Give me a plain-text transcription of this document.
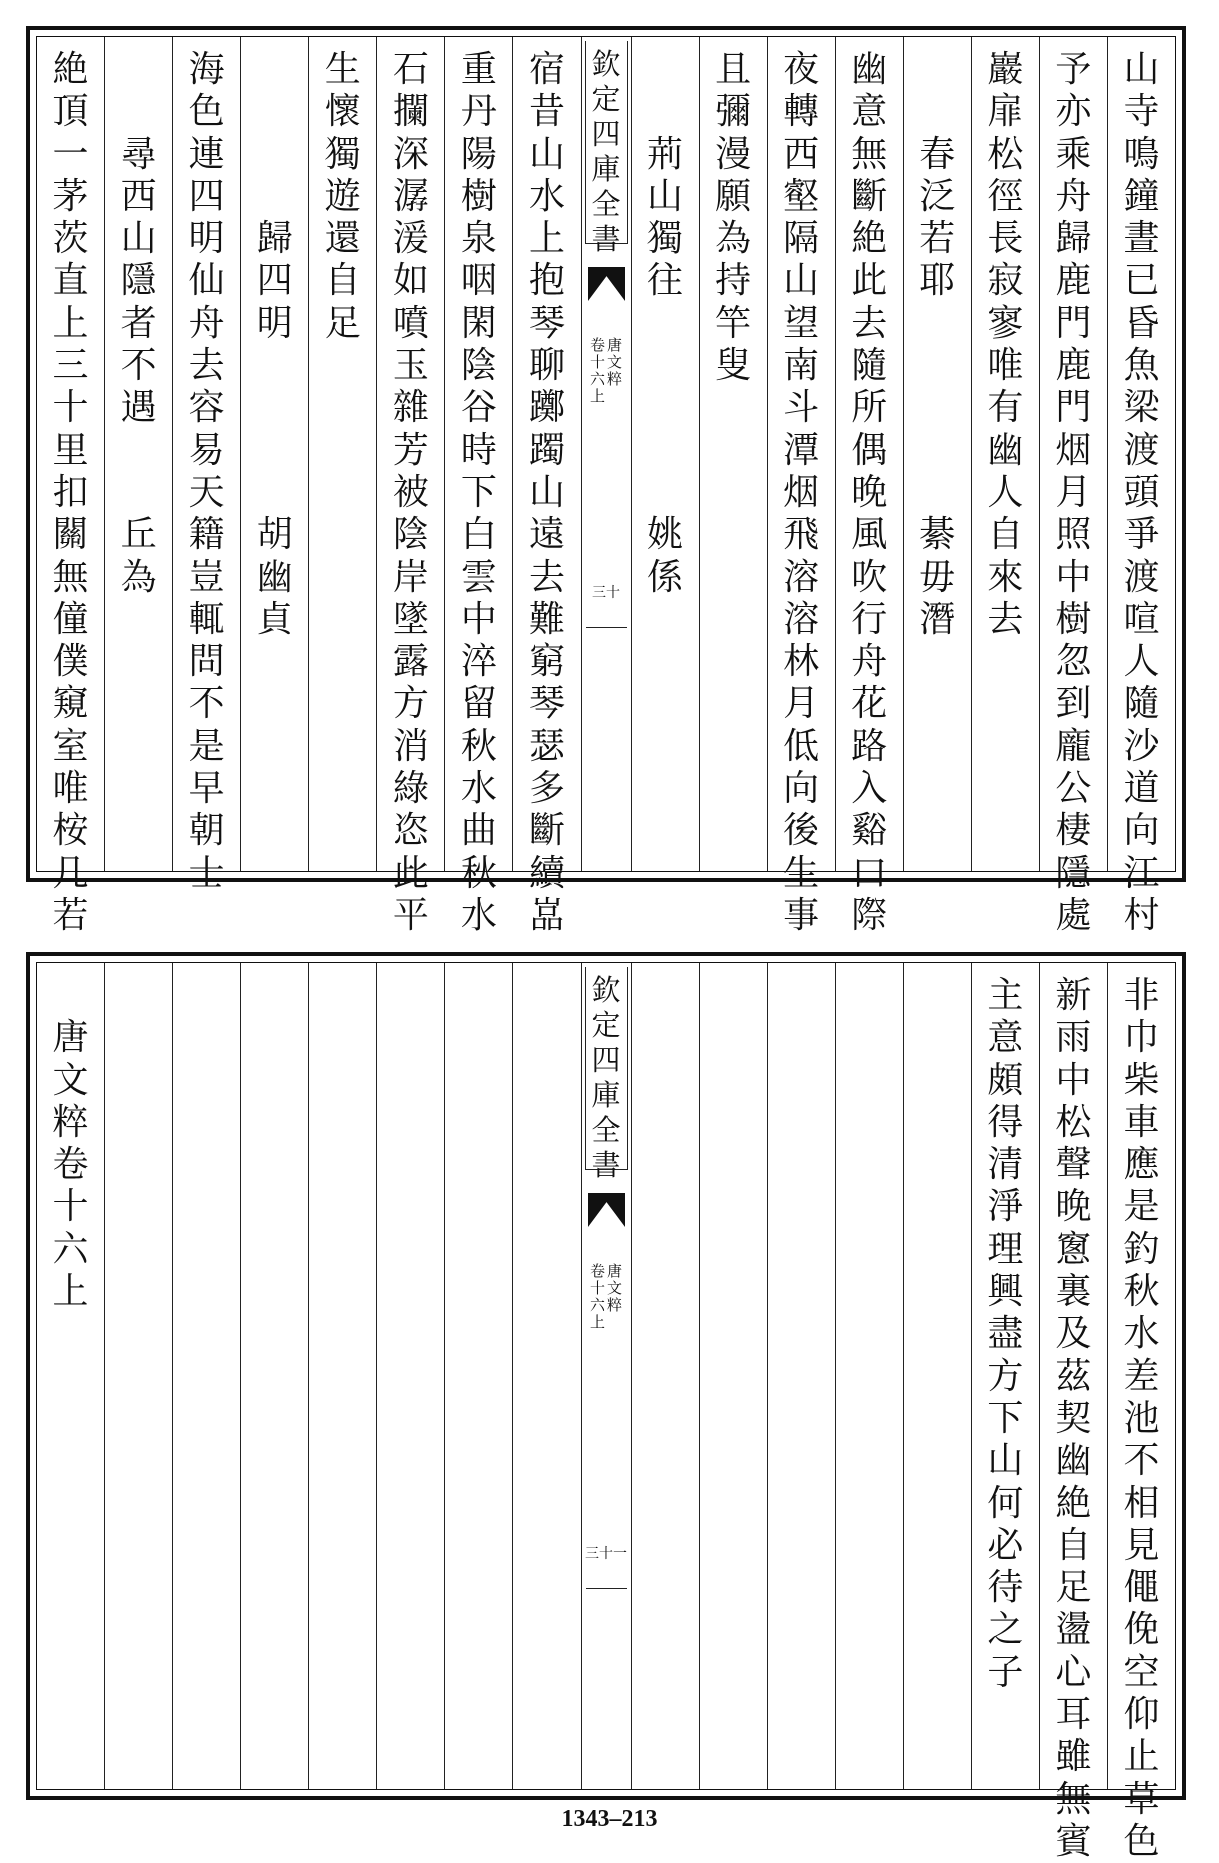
山
寺
鳴
鐘
晝
已
昏
魚
梁
渡
頭
爭
渡
喧
人
隨
沙
道
向
江
村
予
亦
乘
舟
歸
鹿
門
鹿
門
烟
月
照
中
樹
忽
到
龐
公
棲
隱
處
巖
扉
松
徑
長
寂
寥
唯
有
幽
人
自
來
去
春
泛
若
耶
綦
毋
潛
幽
意
無
斷
絶
此
去
隨
所
偶
晚
風
吹
行
舟
花
路
入
谿
口
際
夜
轉
西
壑
隔
山
望
南
斗
潭
烟
飛
溶
溶
林
月
低
向
後
生
事
且
彌
漫
願
為
持
竿
叟
荊
山
獨
往
姚
係
欽
定
四
庫
全
書
唐
文
粹
卷
十
六
上
三十
宿
昔
山
水
上
抱
琴
聊
躑
躅
山
遠
去
難
窮
琴
瑟
多
斷
續
嵓
重
丹
陽
樹
泉
咽
閑
陰
谷
時
下
白
雲
中
淬
留
秋
水
曲
秋
水
石
攔
深
潺
湲
如
噴
玉
雜
芳
被
陰
岸
墜
露
方
消
綠
恣
此
平
生
懷
獨
遊
還
自
足
歸
四
明
胡
幽
貞
海
色
連
四
明
仙
舟
去
容
易
天
籍
豈
輒
問
不
是
早
朝
士
尋
西
山
隱
者
不
遇
丘
為
絶
頂
一
茅
茨
直
上
三
十
里
扣
關
無
僮
僕
窺
室
唯
桉
几
若
非
巾
柴
車
應
是
釣
秋
水
差
池
不
相
見
僶
俛
空
仰
止
草
色
新
雨
中
松
聲
晚
窻
裏
及
茲
契
幽
絶
自
足
盪
心
耳
雖
無
賓
主
意
頗
得
清
淨
理
興
盡
方
下
山
何
必
待
之
子
欽
定
四
庫
全
書
唐
文
粹
卷
十
六
上
三十一
唐
文
粹
卷
十
六
上
1343–213
